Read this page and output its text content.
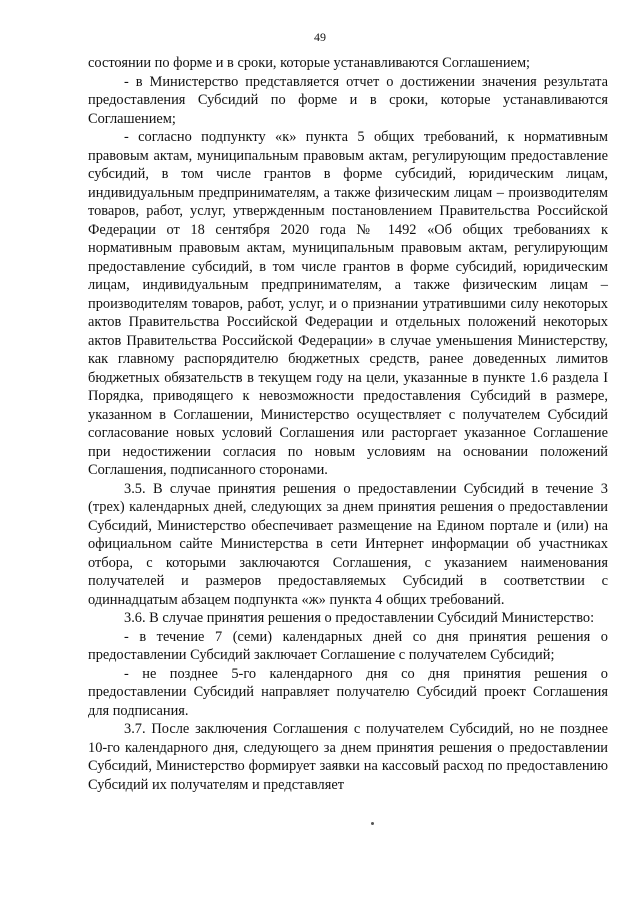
49

состоянии по форме и в сроки, которые устанавливаются Соглашением;

- в Министерство представляется отчет о достижении значения результата предоставления Субсидий по форме и в сроки, которые устанавливаются Соглашением;

- согласно подпункту «к» пункта 5 общих требований, к нормативным правовым актам, муниципальным правовым актам, регулирующим предоставление субсидий, в том числе грантов в форме субсидий, юридическим лицам, индивидуальным предпринимателям, а также физическим лицам – производителям товаров, работ, услуг, утвержденным постановлением Правительства Российской Федерации от 18 сентября 2020 года № 1492 «Об общих требованиях к нормативным правовым актам, муниципальным правовым актам, регулирующим предоставление субсидий, в том числе грантов в форме субсидий, юридическим лицам, индивидуальным предпринимателям, а также физическим лицам – производителям товаров, работ, услуг, и о признании утратившими силу некоторых актов Правительства Российской Федерации и отдельных положений некоторых актов Правительства Российской Федерации» в случае уменьшения Министерству, как главному распорядителю бюджетных средств, ранее доведенных лимитов бюджетных обязательств в текущем году на цели, указанные в пункте 1.6 раздела I Порядка, приводящего к невозможности предоставления Субсидий в размере, указанном в Соглашении, Министерство осуществляет с получателем Субсидий согласование новых условий Соглашения или расторгает указанное Соглашение при недостижении согласия по новым условиям на основании положений Соглашения, подписанного сторонами.

3.5. В случае принятия решения о предоставлении Субсидий в течение 3 (трех) календарных дней, следующих за днем принятия решения о предоставлении Субсидий, Министерство обеспечивает размещение на Едином портале и (или) на официальном сайте Министерства в сети Интернет информации об участниках отбора, с которыми заключаются Соглашения, с указанием наименования получателей и размеров предоставляемых Субсидий в соответствии с одиннадцатым абзацем подпункта «ж» пункта 4 общих требований.

3.6. В случае принятия решения о предоставлении Субсидий Министерство:

- в течение 7 (семи) календарных дней со дня принятия решения о предоставлении Субсидий заключает Соглашение с получателем Субсидий;

- не позднее 5-го календарного дня со дня принятия решения о предоставлении Субсидий направляет получателю Субсидий проект Соглашения для подписания.

3.7. После заключения Соглашения с получателем Субсидий, но не позднее 10-го календарного дня, следующего за днем принятия решения о предоставлении Субсидий, Министерство формирует заявки на кассовый расход по предоставлению Субсидий их получателям и представляет
